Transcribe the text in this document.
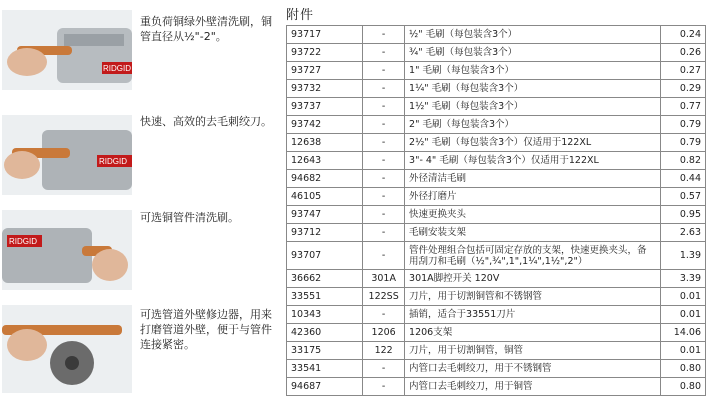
RIDGID
重负荷铜绿外壁清洗刷，铜管直径从½"-2"。
RIDGID
快速、高效的去毛刺绞刀。
RIDGID
可选铜管件清洗刷。
可选管道外壁修边器，用来打磨管道外壁，便于与管件连接紧密。
附件
93717	-	½" 毛刷（每包装含3个）	0.24
93722	-	¾" 毛刷（每包装含3个）	0.26
93727	-	1" 毛刷（每包装含3个）	0.27
93732	-	1¼" 毛刷（每包装含3个）	0.29
93737	-	1½" 毛刷（每包装含3个）	0.77
93742	-	2" 毛刷（每包装含3个）	0.79
12638	-	2½" 毛刷（每包装含3个）仅适用于122XL	0.79
12643	-	3"- 4" 毛刷（每包装含3个）仅适用于122XL	0.82
94682	-	外径清洁毛刷	0.44
46105	-	外径打磨片	0.57
93747	-	快速更换夹头	0.95
93712	-	毛刷安装支架	2.63
93707	-	管件处理组合包括可固定存放的支架，快速更换夹头，备用刮刀和毛刷（½",¾",1",1¼",1½",2"）	1.39
36662	301A	301A脚控开关 120V	3.39
33551	122SS	刀片，用于切割铜管和不锈钢管	0.01
10343	-	插销，适合于33551刀片	0.01
42360	1206	1206支架	14.06
33175	122	刀片，用于切割铜管，铜管	0.01
33541	-	内管口去毛刺绞刀，用于不锈钢管	0.80
94687	-	内管口去毛刺绞刀，用于铜管	0.80
